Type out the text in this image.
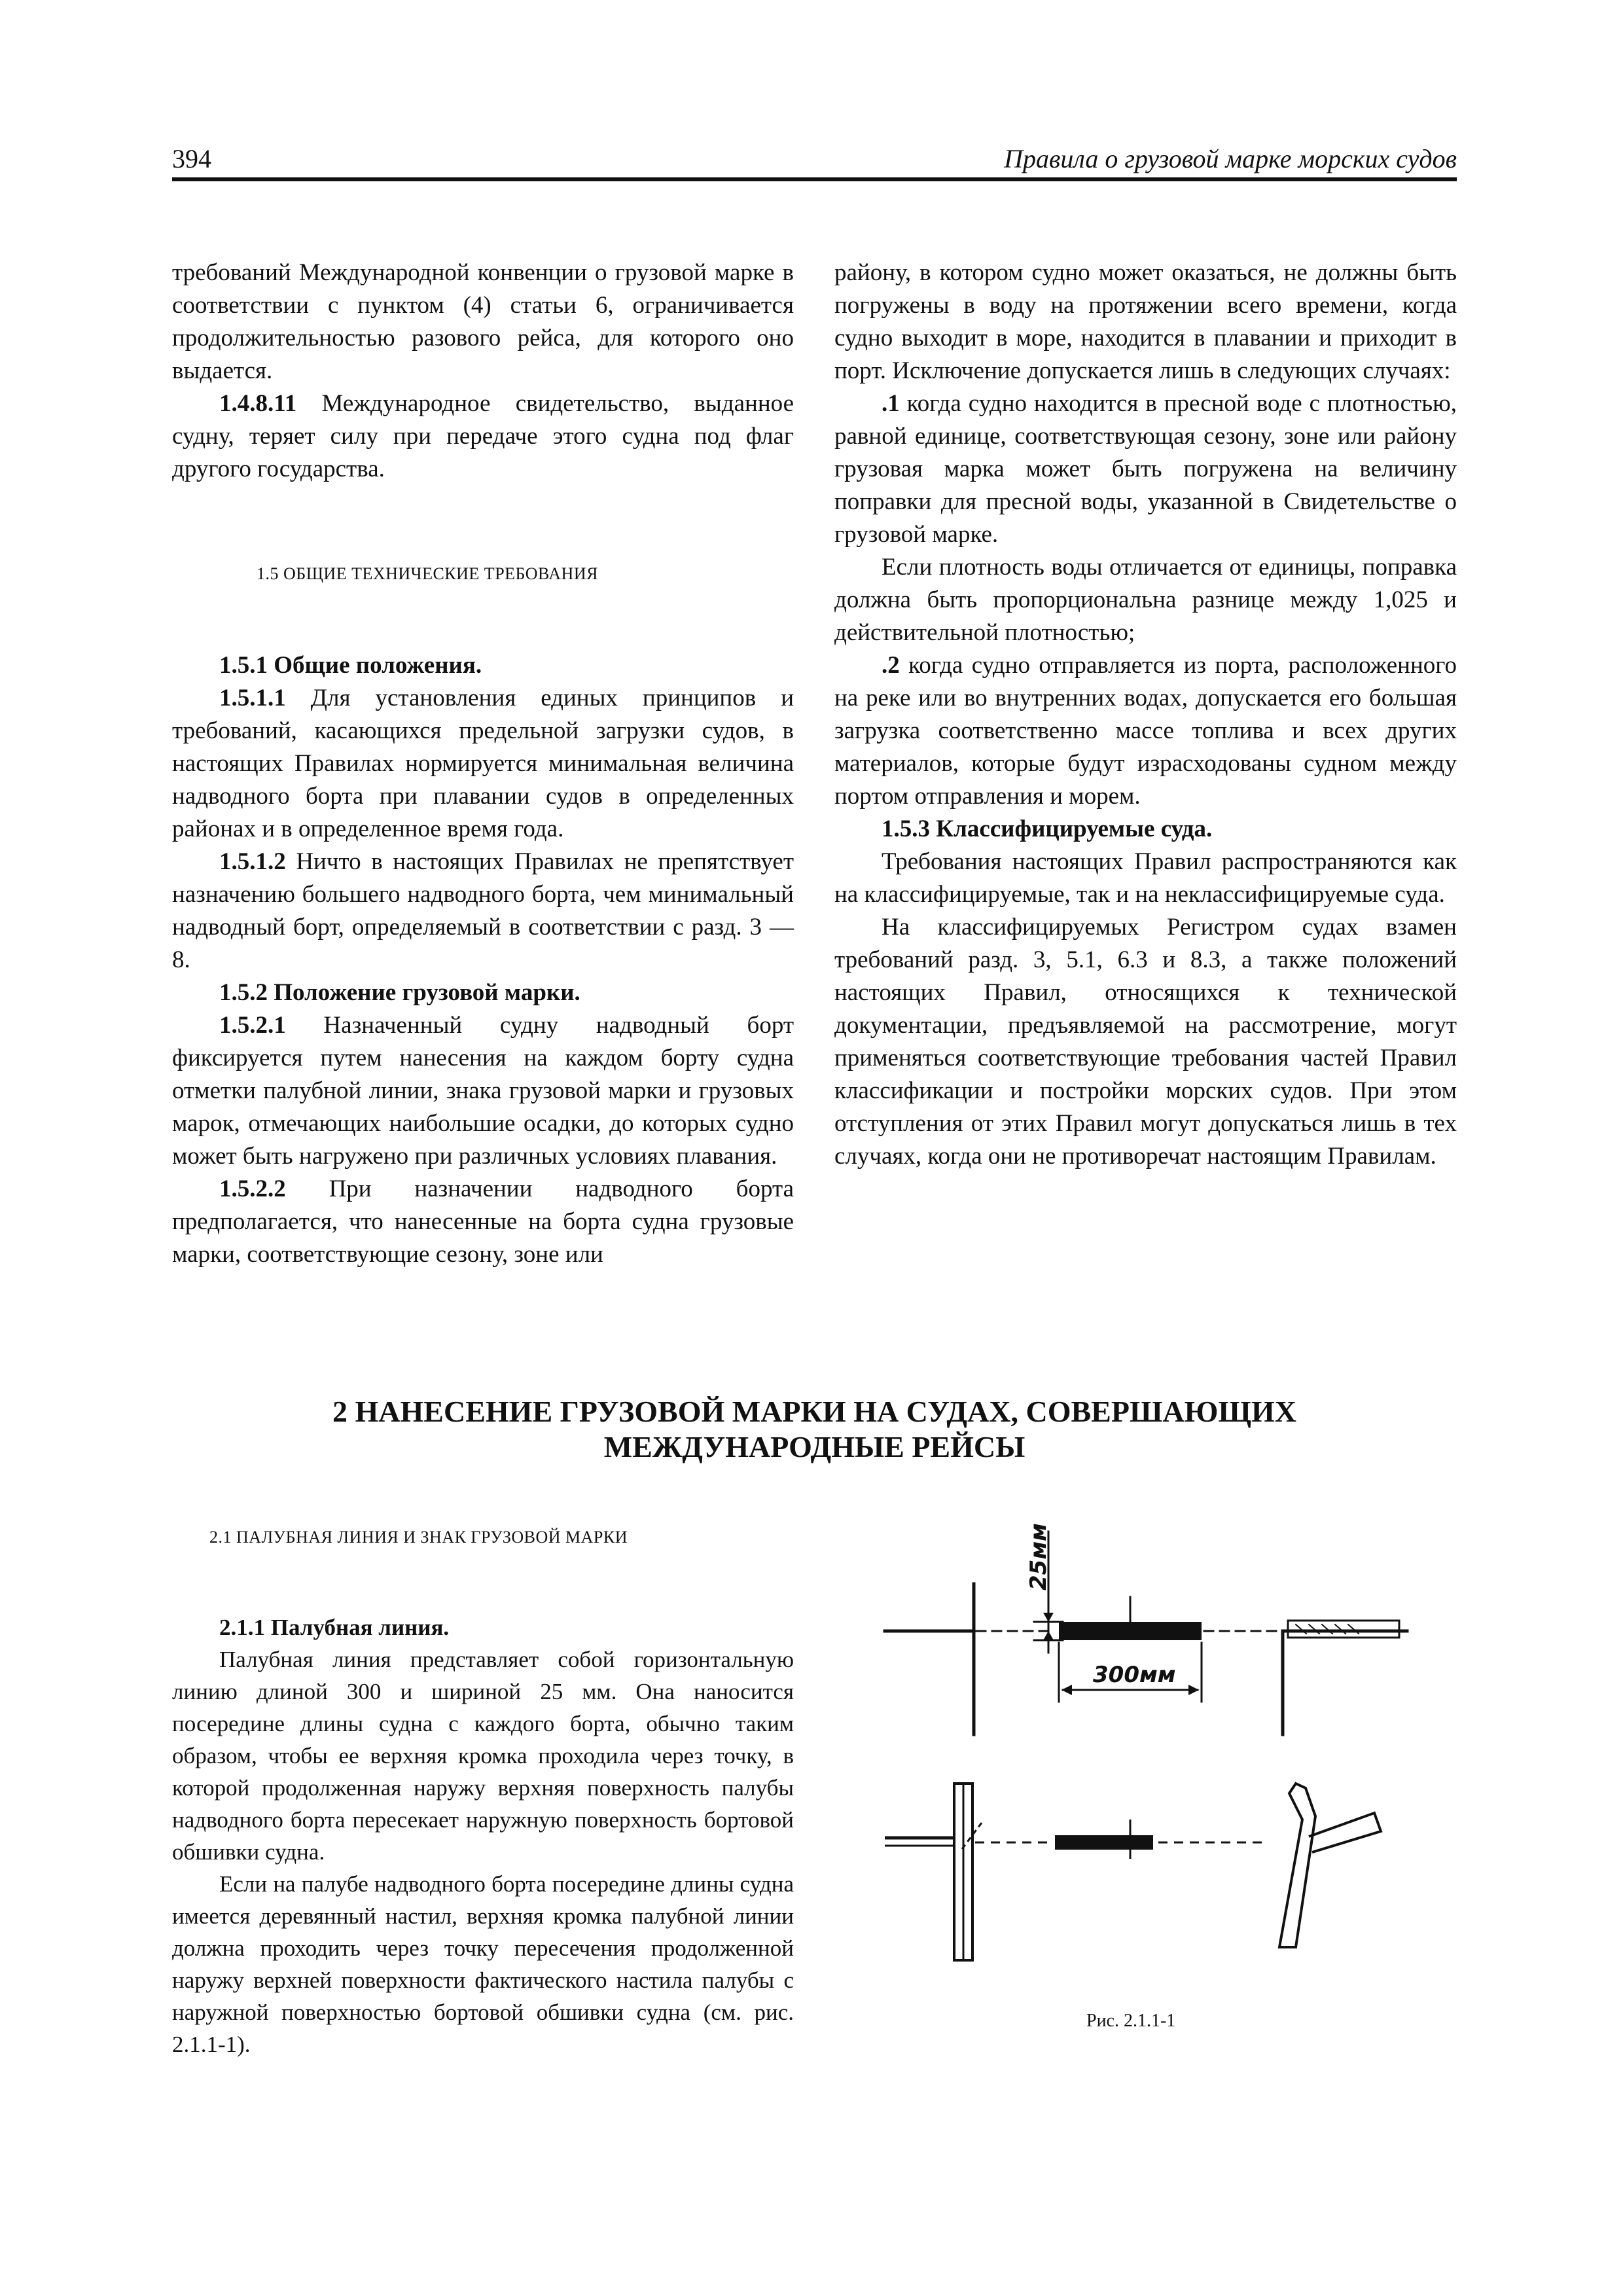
394	Правила о грузовой марке морских судов

требований Международной конвенции о грузовой марке в соответствии с пунктом (4) статьи 6, ограничивается продолжительностью разового рейса, для которого оно выдается.

1.4.8.11 Международное свидетельство, выданное судну, теряет силу при передаче этого судна под флаг другого государства.

1.5 ОБЩИЕ ТЕХНИЧЕСКИЕ ТРЕБОВАНИЯ

1.5.1 Общие положения.

1.5.1.1 Для установления единых принципов и требований, касающихся предельной загрузки судов, в настоящих Правилах нормируется минимальная величина надводного борта при плавании судов в определенных районах и в определенное время года.

1.5.1.2 Ничто в настоящих Правилах не препятствует назначению большего надводного борта, чем минимальный надводный борт, определяемый в соответствии с разд. 3 — 8.

1.5.2 Положение грузовой марки.

1.5.2.1 Назначенный судну надводный борт фиксируется путем нанесения на каждом борту судна отметки палубной линии, знака грузовой марки и грузовых марок, отмечающих наибольшие осадки, до которых судно может быть нагружено при различных условиях плавания.

1.5.2.2 При назначении надводного борта предполагается, что нанесенные на борта судна грузовые марки, соответствующие сезону, зоне или

району, в котором судно может оказаться, не должны быть погружены в воду на протяжении всего времени, когда судно выходит в море, находится в плавании и приходит в порт. Исключение допускается лишь в следующих случаях:

.1 когда судно находится в пресной воде с плотностью, равной единице, соответствующая сезону, зоне или району грузовая марка может быть погружена на величину поправки для пресной воды, указанной в Свидетельстве о грузовой марке.

Если плотность воды отличается от единицы, поправка должна быть пропорциональна разнице между 1,025 и действительной плотностью;

.2 когда судно отправляется из порта, расположенного на реке или во внутренних водах, допускается его большая загрузка соответственно массе топлива и всех других материалов, которые будут израсходованы судном между портом отправления и морем.

1.5.3 Классифицируемые суда.

Требования настоящих Правил распространяются как на классифицируемые, так и на неклассифицируемые суда.

На классифицируемых Регистром судах взамен требований разд. 3, 5.1, 6.3 и 8.3, а также положений настоящих Правил, относящихся к технической документации, предъявляемой на рассмотрение, могут применяться соответствующие требования частей Правил классификации и постройки морских судов. При этом отступления от этих Правил могут допускаться лишь в тех случаях, когда они не противоречат настоящим Правилам.

2 НАНЕСЕНИЕ ГРУЗОВОЙ МАРКИ НА СУДАХ, СОВЕРШАЮЩИХ
МЕЖДУНАРОДНЫЕ РЕЙСЫ
2.1 ПАЛУБНАЯ ЛИНИЯ И ЗНАК ГРУЗОВОЙ МАРКИ

2.1.1 Палубная линия.

Палубная линия представляет собой горизонтальную линию длиной 300 и шириной 25 мм. Она наносится посередине длины судна с каждого борта, обычно таким образом, чтобы ее верхняя кромка проходила через точку, в которой продолженная наружу верхняя поверхность палубы надводного борта пересекает наружную поверхность бортовой обшивки судна.

Если на палубе надводного борта посередине длины судна имеется деревянный настил, верхняя кромка палубной линии должна проходить через точку пересечения продолженной наружу верхней поверхности фактического настила палубы с наружной поверхностью бортовой обшивки судна (см. рис. 2.1.1-1).

25мм
300мм
Рис. 2.1.1-1
